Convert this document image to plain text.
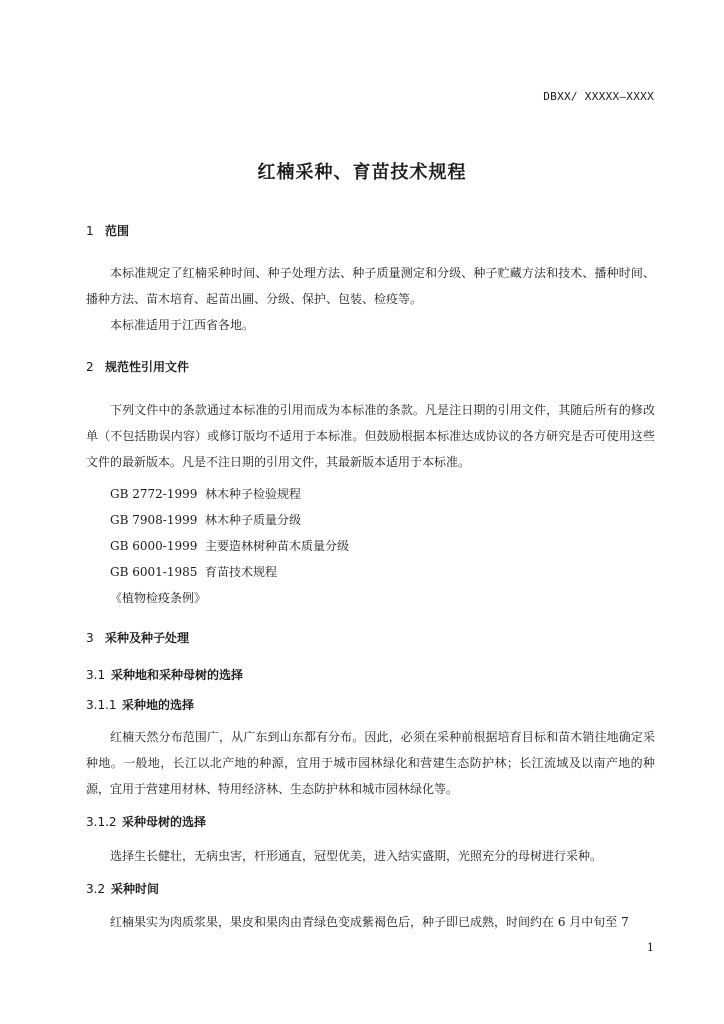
DBXX/ XXXXX—XXXX
红楠采种、育苗技术规程
1 范围

本标准规定了红楠采种时间、种子处理方法、种子质量测定和分级、种子贮藏方法和技术、播种时间、播种方法、苗木培育、起苗出圃、分级、保护、包装、检疫等。

本标准适用于江西省各地。

2 规范性引用文件

下列文件中的条款通过本标准的引用而成为本标准的条款。凡是注日期的引用文件，其随后所有的修改单（不包括勘误内容）或修订版均不适用于本标准。但鼓励根据本标准达成协议的各方研究是否可使用这些文件的最新版本。凡是不注日期的引用文件，其最新版本适用于本标准。

GB 2772-1999 林木种子检验规程
GB 7908-1999 林木种子质量分级
GB 6000-1999 主要造林树种苗木质量分级
GB 6001-1985 育苗技术规程
《植物检疫条例》
3 采种及种子处理
3.1 采种地和采种母树的选择
3.1.1 采种地的选择

红楠天然分布范围广，从广东到山东都有分布。因此，必须在采种前根据培育目标和苗木销往地确定采种地。一般地，长江以北产地的种源，宜用于城市园林绿化和营建生态防护林；长江流域及以南产地的种源，宜用于营建用材林、特用经济林、生态防护林和城市园林绿化等。

3.1.2 采种母树的选择

选择生长健壮，无病虫害，杆形通直，冠型优美，进入结实盛期，光照充分的母树进行采种。

3.2 采种时间

红楠果实为肉质浆果，果皮和果肉由青绿色变成紫褐色后，种子即已成熟，时间约在 6 月中旬至 7

1
